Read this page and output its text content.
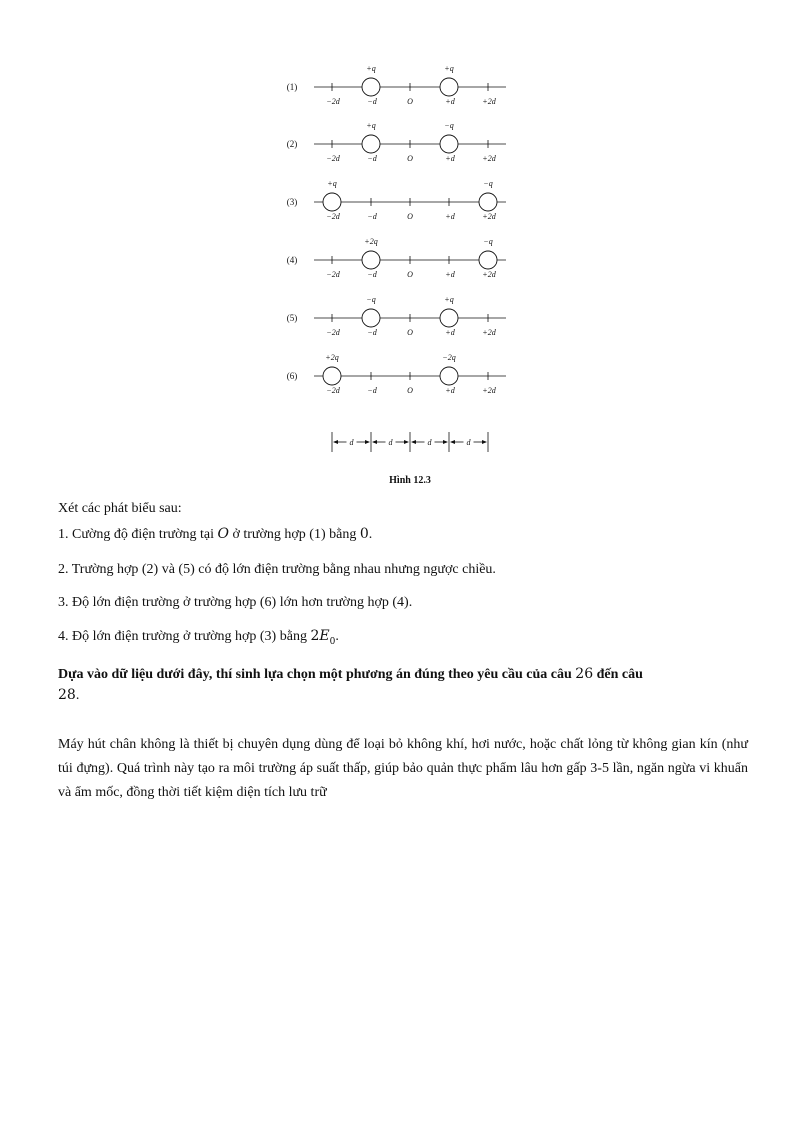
(1)
−2d	−d	O	+d	+2d
+q	+q
(2)
−2d	−d	O	+d	+2d
+q	−q
(3)
−2d	−d	O	+d	+2d
+q	−q
(4)
−2d	−d	O	+d	+2d
+2q	−q
(5)
−2d	−d	O	+d	+2d
−q	+q
(6)
−2d	−d	O	+d	+2d
+2q	−2q
d	d	d	d
Hình 12.3
Xét các phát biểu sau:
1. Cường độ điện trường tại O ở trường hợp (1) bằng 0.
2. Trường hợp (2) và (5) có độ lớn điện trường bằng nhau nhưng ngược chiều.
3. Độ lớn điện trường ở trường hợp (6) lớn hơn trường hợp (4).
4. Độ lớn điện trường ở trường hợp (3) bằng $2E_0$.
Dựa vào dữ liệu dưới đây, thí sinh lựa chọn một phương án đúng theo yêu cầu của câu 26 đến câu
28.
Máy hút chân không là thiết bị chuyên dụng dùng để loại bỏ không khí, hơi nước, hoặc chất lỏng từ không gian kín (như túi đựng). Quá trình này tạo ra môi trường áp suất thấp, giúp bảo quản thực phẩm lâu hơn gấp 3-5 lần, ngăn ngừa vi khuẩn và ẩm mốc, đồng thời tiết kiệm diện tích lưu trữ
